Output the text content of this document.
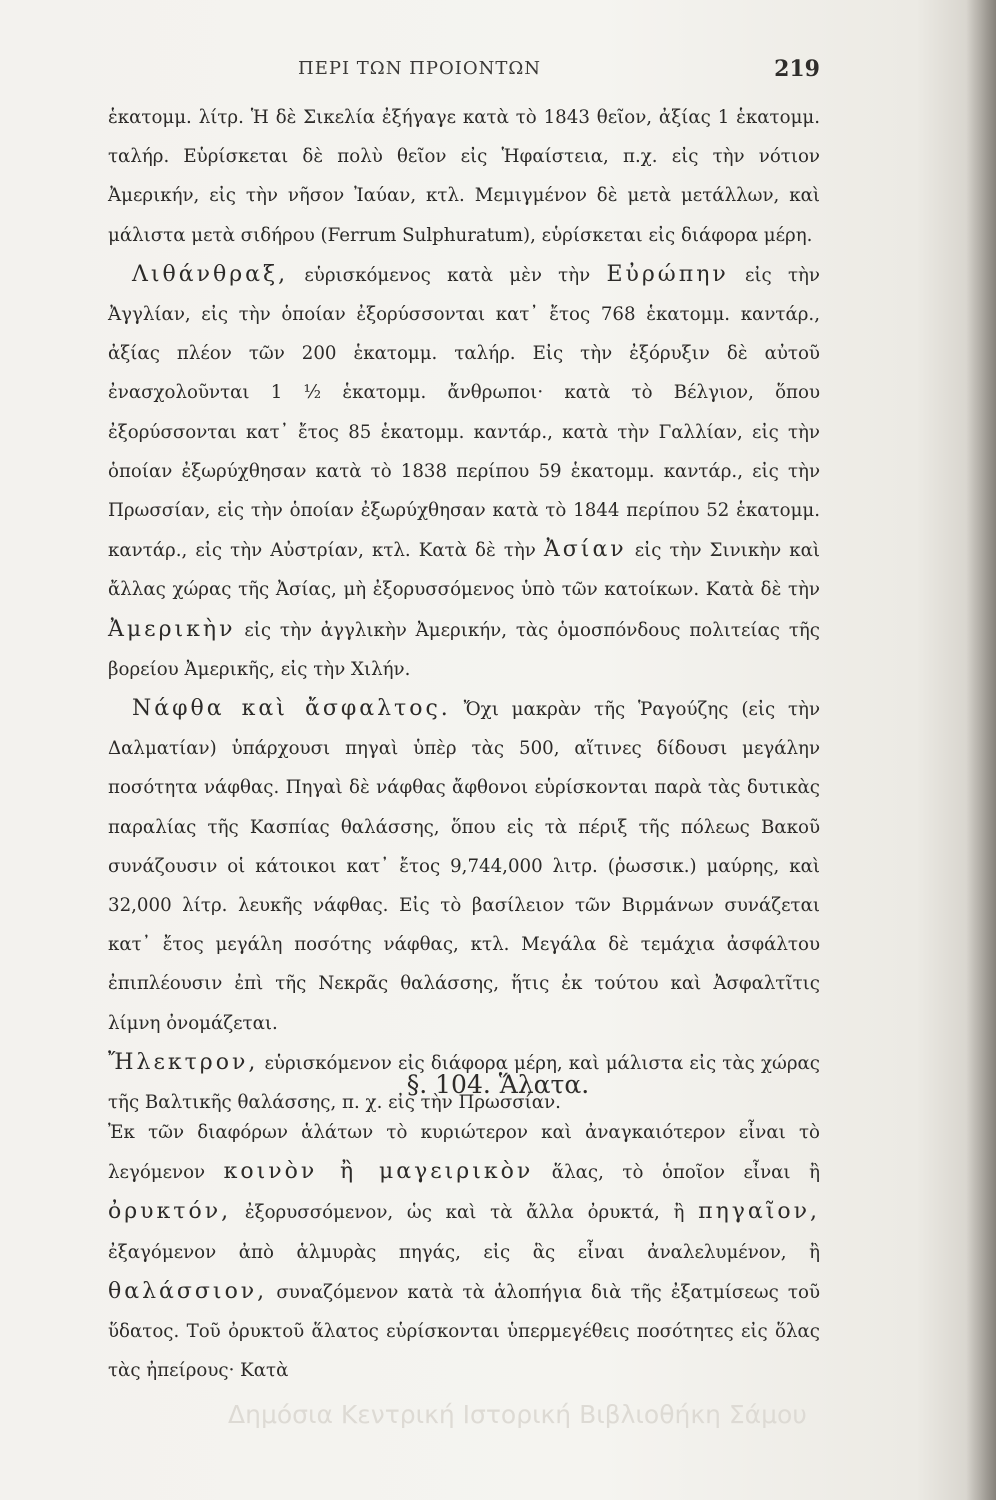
ΠΕΡΙ ΤΩΝ ΠΡΟΙΟΝΤΩΝ	219

ἑκατομμ. λίτρ. Ἡ δὲ Σικελία ἐξήγαγε κατὰ τὸ 1843 θεῖον, ἀξίας 1 ἑκατομμ. ταλήρ. Εὑρίσκεται δὲ πολὺ θεῖον εἰς Ἡφαίστεια, π.χ. εἰς τὴν νότιον Ἀμερικήν, εἰς τὴν νῆσον Ἰαύαν, κτλ. Μεμιγμένον δὲ μετὰ μετάλλων, καὶ μάλιστα μετὰ σιδήρου (Ferrum Sulphuratum), εὑρίσκεται εἰς διάφορα μέρη.

Λιθάνθραξ, εὑρισκόμενος κατὰ μὲν τὴν Εὐρώπην εἰς τὴν Ἀγγλίαν, εἰς τὴν ὁποίαν ἐξορύσσονται κατ᾽ ἔτος 768 ἑκατομμ. καντάρ., ἀξίας πλέον τῶν 200 ἑκατομμ. ταλήρ. Εἰς τὴν ἐξόρυξιν δὲ αὐτοῦ ἐνασχολοῦνται 1 ½ ἑκατομμ. ἄνθρωποι· κατὰ τὸ Βέλγιον, ὅπου ἐξορύσσονται κατ᾽ ἔτος 85 ἑκατομμ. καντάρ., κατὰ τὴν Γαλλίαν, εἰς τὴν ὁποίαν ἐξωρύχθησαν κατὰ τὸ 1838 περίπου 59 ἑκατομμ. καντάρ., εἰς τὴν Πρωσσίαν, εἰς τὴν ὁποίαν ἐξωρύχθησαν κατὰ τὸ 1844 περίπου 52 ἑκατομμ. καντάρ., εἰς τὴν Αὐστρίαν, κτλ. Κατὰ δὲ τὴν Ἀσίαν εἰς τὴν Σινικὴν καὶ ἄλλας χώρας τῆς Ἀσίας, μὴ ἐξορυσσόμενος ὑπὸ τῶν κατοίκων. Κατὰ δὲ τὴν Ἀμερικὴν εἰς τὴν ἀγγλικὴν Ἀμερικήν, τὰς ὁμοσπόνδους πολιτείας τῆς βορείου Ἀμερικῆς, εἰς τὴν Χιλήν.

Νάφθα καὶ ἄσφαλτος. Ὄχι μακρὰν τῆς Ῥαγούζης (εἰς τὴν Δαλματίαν) ὑπάρχουσι πηγαὶ ὑπὲρ τὰς 500, αἵτινες δίδουσι μεγάλην ποσότητα νάφθας. Πηγαὶ δὲ νάφθας ἄφθονοι εὑρίσκονται παρὰ τὰς δυτικὰς παραλίας τῆς Κασπίας θαλάσσης, ὅπου εἰς τὰ πέριξ τῆς πόλεως Βακοῦ συνάζουσιν οἱ κάτοικοι κατ᾽ ἔτος 9,744,000 λιτρ. (ῥωσσικ.) μαύρης, καὶ 32,000 λίτρ. λευκῆς νάφθας. Εἰς τὸ βασίλειον τῶν Βιρμάνων συνάζεται κατ᾽ ἔτος μεγάλη ποσότης νάφθας, κτλ. Μεγάλα δὲ τεμάχια ἀσφάλτου ἐπιπλέουσιν ἐπὶ τῆς Νεκρᾶς θαλάσσης, ἥτις ἐκ τούτου καὶ Ἀσφαλτῖτις λίμνη ὀνομάζεται.

Ἤλεκτρον, εὑρισκόμενον εἰς διάφορα μέρη, καὶ μάλιστα εἰς τὰς χώρας τῆς Βαλτικῆς θαλάσσης, π. χ. εἰς τὴν Πρωσσίαν.

§. 104. Ἅλατα.
Ἐκ τῶν διαφόρων ἁλάτων τὸ κυριώτερον καὶ ἀναγκαιότερον εἶναι τὸ λεγόμενον κοινὸν ἢ μαγειρικὸν ἅλας, τὸ ὁποῖον εἶναι ἢ ὀρυκτόν, ἐξορυσσόμενον, ὡς καὶ τὰ ἄλλα ὀρυκτά, ἢ πηγαῖον, ἐξαγόμενον ἀπὸ ἁλμυρὰς πηγάς, εἰς ἃς εἶναι ἀναλελυμένον, ἢ θαλάσσιον, συναζόμενον κατὰ τὰ ἁλοπήγια διὰ τῆς ἐξατμίσεως τοῦ ὕδατος. Τοῦ ὀρυκτοῦ ἅλατος εὑρίσκονται ὑπερμεγέθεις ποσότητες εἰς ὅλας τὰς ἠπείρους· Κατὰ
Δημόσια Κεντρική Ιστορική Βιβλιοθήκη Σάμου
